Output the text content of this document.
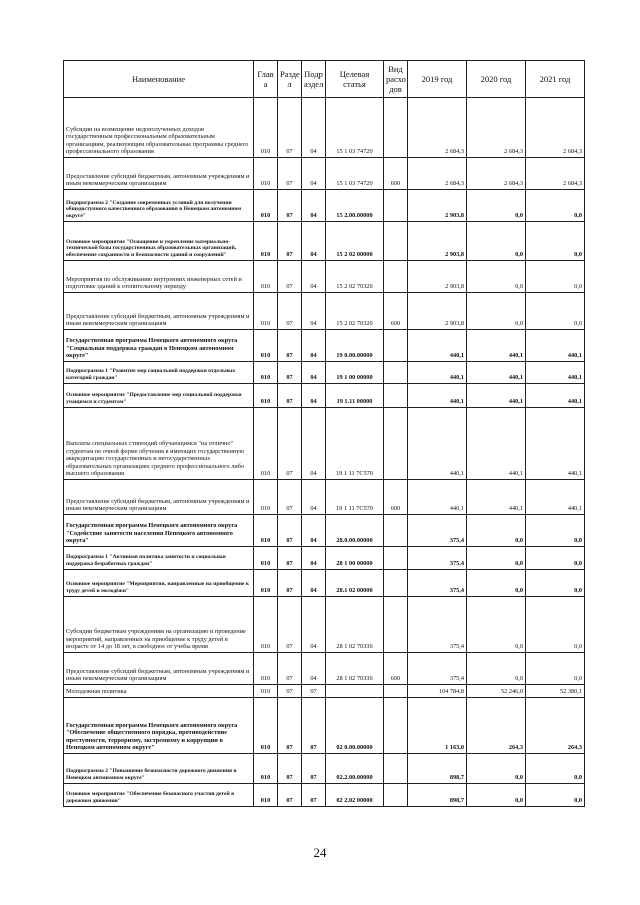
Наименование	Глав а	Разде л	Подр аздел	Целевая статья	Вид расхо дов	2019 год	2020 год	2021 год
Субсидии на возмещение недополученных доходов государственным профессиональным образовательным организациям, реализующим образовательные программы среднего профессионального образования	010	07	04	15 1 03 74720		2 684,3	2 684,3	2 684,3
Предоставление субсидий бюджетным, автономным учреждениям и иным некоммерческим организациям	010	07	04	15 1 03 74720	600	2 684,3	2 684,3	2 684,3
Подпрограмма 2 "Создание современных условий для получения общедоступного качественного образования в Ненецком автономном округе"	010	07	04	15 2.00.00000		2 903,8	0,0	0,0
Основное мероприятие "Оснащение и укрепление материально-технической базы государственных образовательных организаций, обеспечение сохранности и безопасности зданий и сооружений"	010	07	04	15 2 02 00000		2 903,8	0,0	0,0
Мероприятия по обслуживанию внутренних инженерных сетей и подготовке зданий к отопительному периоду	010	07	04	15 2 02 70320		2 903,8	0,0	0,0
Предоставление субсидий бюджетным, автономным учреждениям и иным некоммерческим организациям	010	07	04	15 2 02 70320	600	2 903,8	0,0	0,0
Государственная программа Ненецкого автономного округа "Социальная поддержка граждан в Ненецком автономном округе"	010	07	04	19 0.00.00000		440,1	440,1	440,1
Подпрограмма 1 "Развитие мер социальной поддержки отдельных категорий граждан"	010	07	04	19 1 00 00000		440,1	440,1	440,1
Основное мероприятие "Предоставление мер социальной поддержки учащимся и студентам"	010	07	04	19 1.11 00000		440,1	440,1	440,1
Выплаты специальных стипендий обучающимся "на отлично" студентам по очной форме обучения в имеющих государственную аккредитацию государственных и негосударственных образовательных организациях среднего профессионального либо высшего образования	010	07	04	19 1 11 7С570		440,1	440,1	440,1
Предоставление субсидий бюджетным, автономным учреждениям и иным некоммерческим организациям	010	07	04	19 1 11 7С570	600	440,1	440,1	440,1
Государственная программа Ненецкого автономного округа "Содействие занятости населения Ненецкого автономного округа"	010	07	04	28.0.00.00000		375,4	0,0	0,0
Подпрограмма 1 "Активная политика занятости и социальная поддержка безработных граждан"	010	07	04	28 1 00 00000		375,4	0,0	0,0
Основное мероприятие "Мероприятия, направленные на приобщение к труду детей и молодёжи"	010	07	04	28.1 02 00000		375,4	0,0	0,0
Субсидии бюджетным учреждениям на организацию и проведение мероприятий, направленных на приобщение к труду детей в возрасте от 14 до 18 лет, в свободное от учебы время	010	07	04	28 1 02 70330		375,4	0,0	0,0
Предоставление субсидий бюджетным, автономным учреждениям и иным некоммерческим организациям	010	07	04	28 1 02 70330	600	375,4	0,0	0,0
Молодежная политика	010	07	07			104 784,8	52 246,0	52 380,1
Государственная программа Ненецкого автономного округа "Обеспечение общественного порядка, противодействие преступности, терроризму, экстремизму и коррупции в Ненецком автономном округе"	010	07	07	02 0.00.00000		1 163,0	264,3	264,3
Подпрограмма 2 "Повышение безопасности дорожного движения в Ненецком автономном округе"	010	07	07	02.2.00.00000		898,7	0,0	0,0
Основное мероприятие "Обеспечение безопасного участия детей в дорожном движении"	010	07	07	02 2.02 00000		898,7	0,0	0,0
24
